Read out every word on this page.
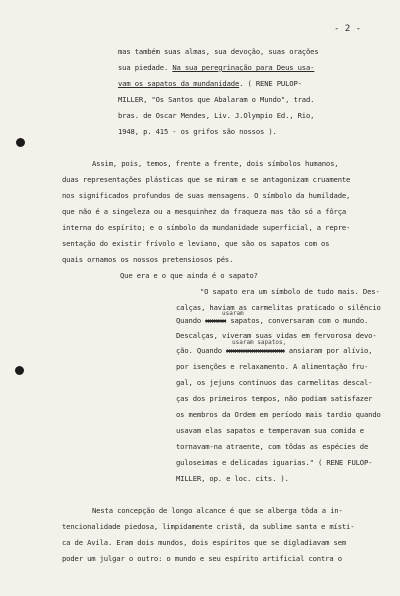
- 2 -
mas também suas almas, sua devoção, suas orações
sua piedade. Na sua peregrinação para Deus usa-
vam os sapatos da mundanidade. ( RENE PULOP-
MILLER, "Os Santos que Abalaram o Mundo", trad.
bras. de Oscar Mendes, Liv. J.Olympio Ed., Rio,
1948, p. 415 - os grifos são nossos ).
Assim, pois, temos, frente a frente, dois símbolos humanos,
duas representações plásticas que se miram e se antagonizam cruamente
nos significados profundos de suas mensagens. O símbolo da humildade,
que não é a singeleza ou a mesquinhez da fraqueza mas tão só a fôrça
interna do espírito; e o símbolo da mundanidade superficial, a repre-
sentação do existir frívolo e leviano, que são os sapatos com os
quais ornamos os nossos pretensiosos pés.
Que era e o que ainda é o sapato?
"O sapato era um símbolo de tudo mais. Des-
calças, haviam as carmelitas praticado o silêncio
usaram
Quando xxxxx sapatos, conversaram com o mundo.
Descalças, viveram suas vidas em fervorosa devo-
usaram sapatos,
ção. Quando xxxxxxxxxxxxxx ansiaram por alívio,
por isenções e relaxamento. A alimentação fru-
gal, os jejuns contínuos das carmelitas descal-
ças dos primeiros tempos, não podiam satisfazer
os membros da Ordem em período mais tardio quando
usavam elas sapatos e temperavam sua comida e
tornavam-na atraente, com tôdas as espécies de
guloseimas e delicadas iguarias." ( RENE FULOP-
MILLER, op. e loc. cits. ).
Nesta concepção de longo alcance é que se alberga tôda a in-
tencionalidade piedosa, limpidamente cristã, da sublime santa e místi-
ca de Avila. Eram dois mundos, dois espíritos que se digladiavam sem
poder um julgar o outro: o mundo e seu espírito artificial contra o
